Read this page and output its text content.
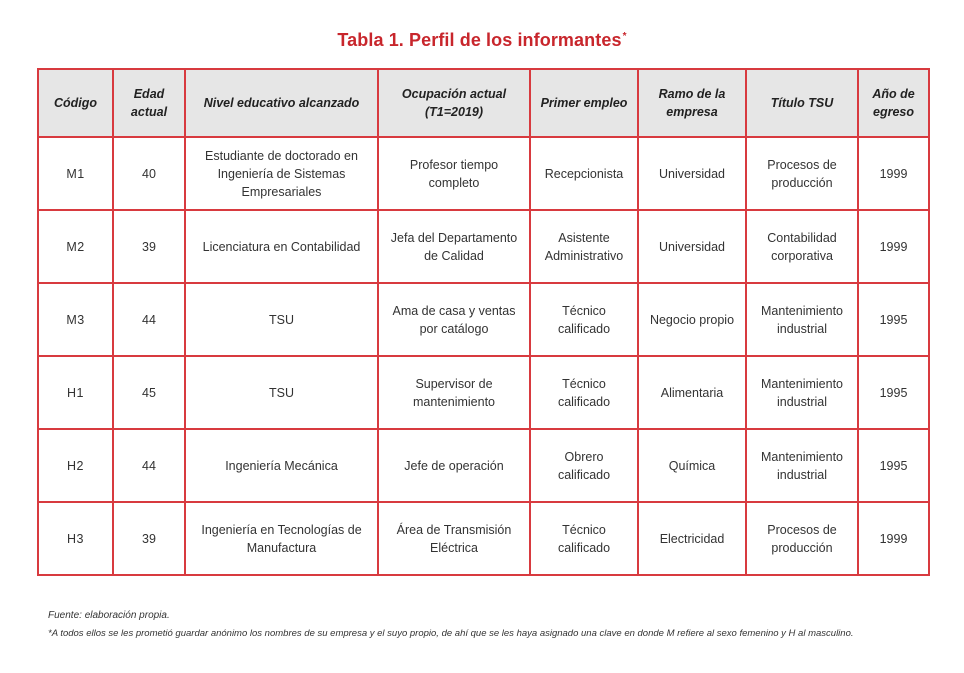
Tabla 1. Perfil de los informantes*
Código	Edad actual	Nivel educativo alcanzado	Ocupación actual (T1=2019)	Primer empleo	Ramo de la empresa	Título TSU	Año de egreso
M1	40	Estudiante de doctorado en Ingeniería de Sistemas Empresariales	Profesor tiempo completo	Recepcionista	Universidad	Procesos de producción	1999
M2	39	Licenciatura en Contabilidad	Jefa del Departamento de Calidad	Asistente Administrativo	Universidad	Contabilidad corporativa	1999
M3	44	TSU	Ama de casa y ventas por catálogo	Técnico calificado	Negocio propio	Mantenimiento industrial	1995
H1	45	TSU	Supervisor de mantenimiento	Técnico calificado	Alimentaria	Mantenimiento industrial	1995
H2	44	Ingeniería Mecánica	Jefe de operación	Obrero calificado	Química	Mantenimiento industrial	1995
H3	39	Ingeniería en Tecnologías de Manufactura	Área de Transmisión Eléctrica	Técnico calificado	Electricidad	Procesos de producción	1999
Fuente: elaboración propia.
*A todos ellos se les prometió guardar anónimo los nombres de su empresa y el suyo propio, de ahí que se les haya asignado una clave en donde M refiere al sexo femenino y H al masculino.
